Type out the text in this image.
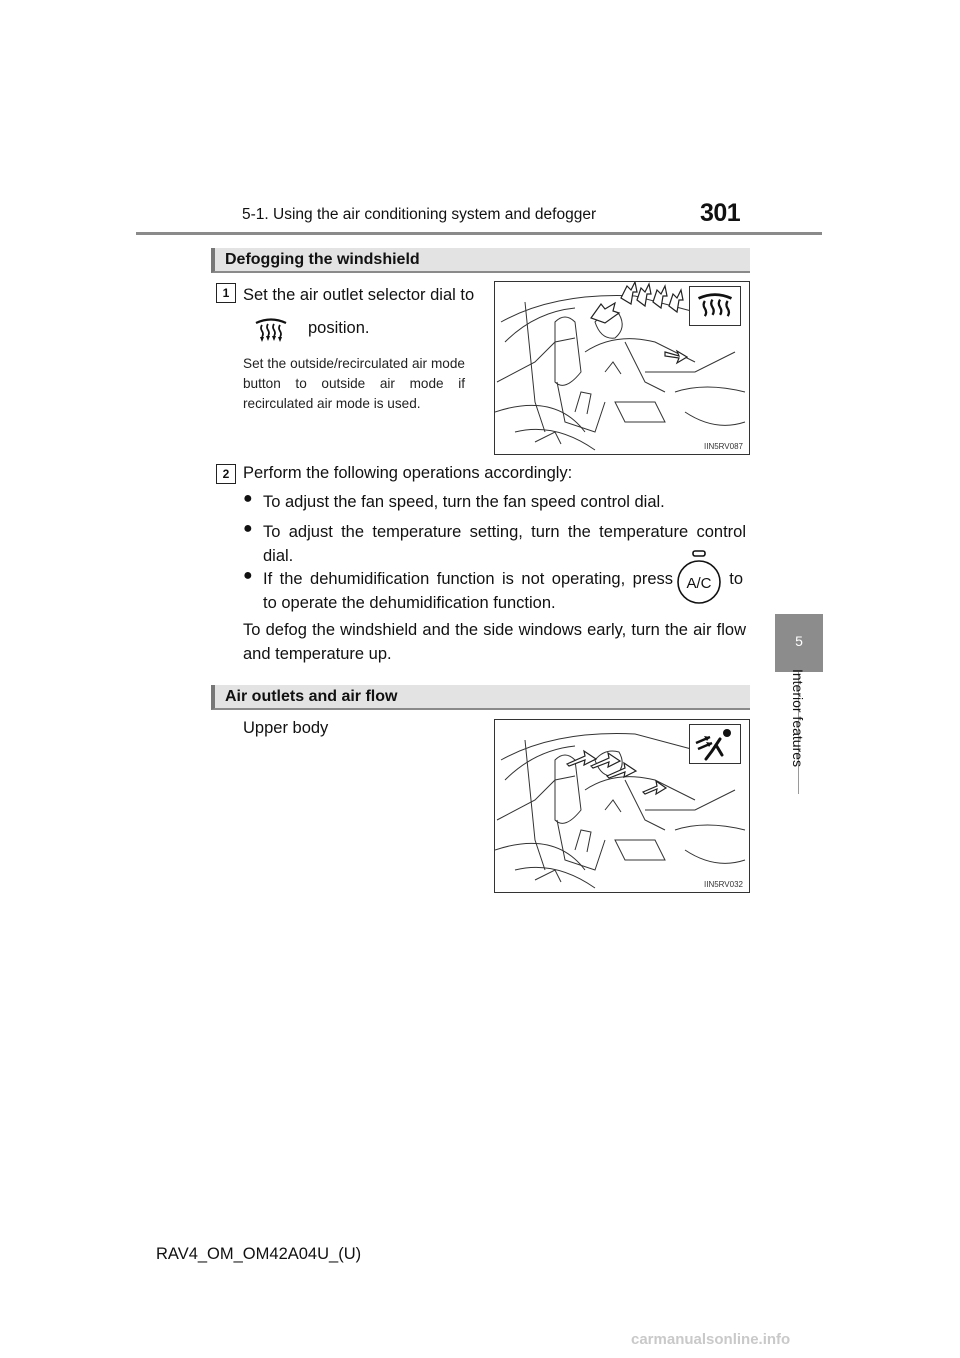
5-1. Using the air conditioning system and defogger	301
5
Interior features
Defogging the windshield
1 Set the air outlet selector dial to
position.
Set the outside/recirculated air mode button to outside air mode if recirculated air mode is used.
IIN5RV087
2 Perform the following operations accordingly:
● To adjust the fan speed, turn the fan speed control dial.
● To adjust the temperature setting, turn the temperature control dial.
● If the dehumidification function is not operating, press	to
to operate the dehumidification function.
A/C
To defog the windshield and the side windows early, turn the air flow and temperature up.
Air outlets and air flow
Upper body
IIN5RV032
RAV4_OM_OM42A04U_(U)
carmanualsonline.info
